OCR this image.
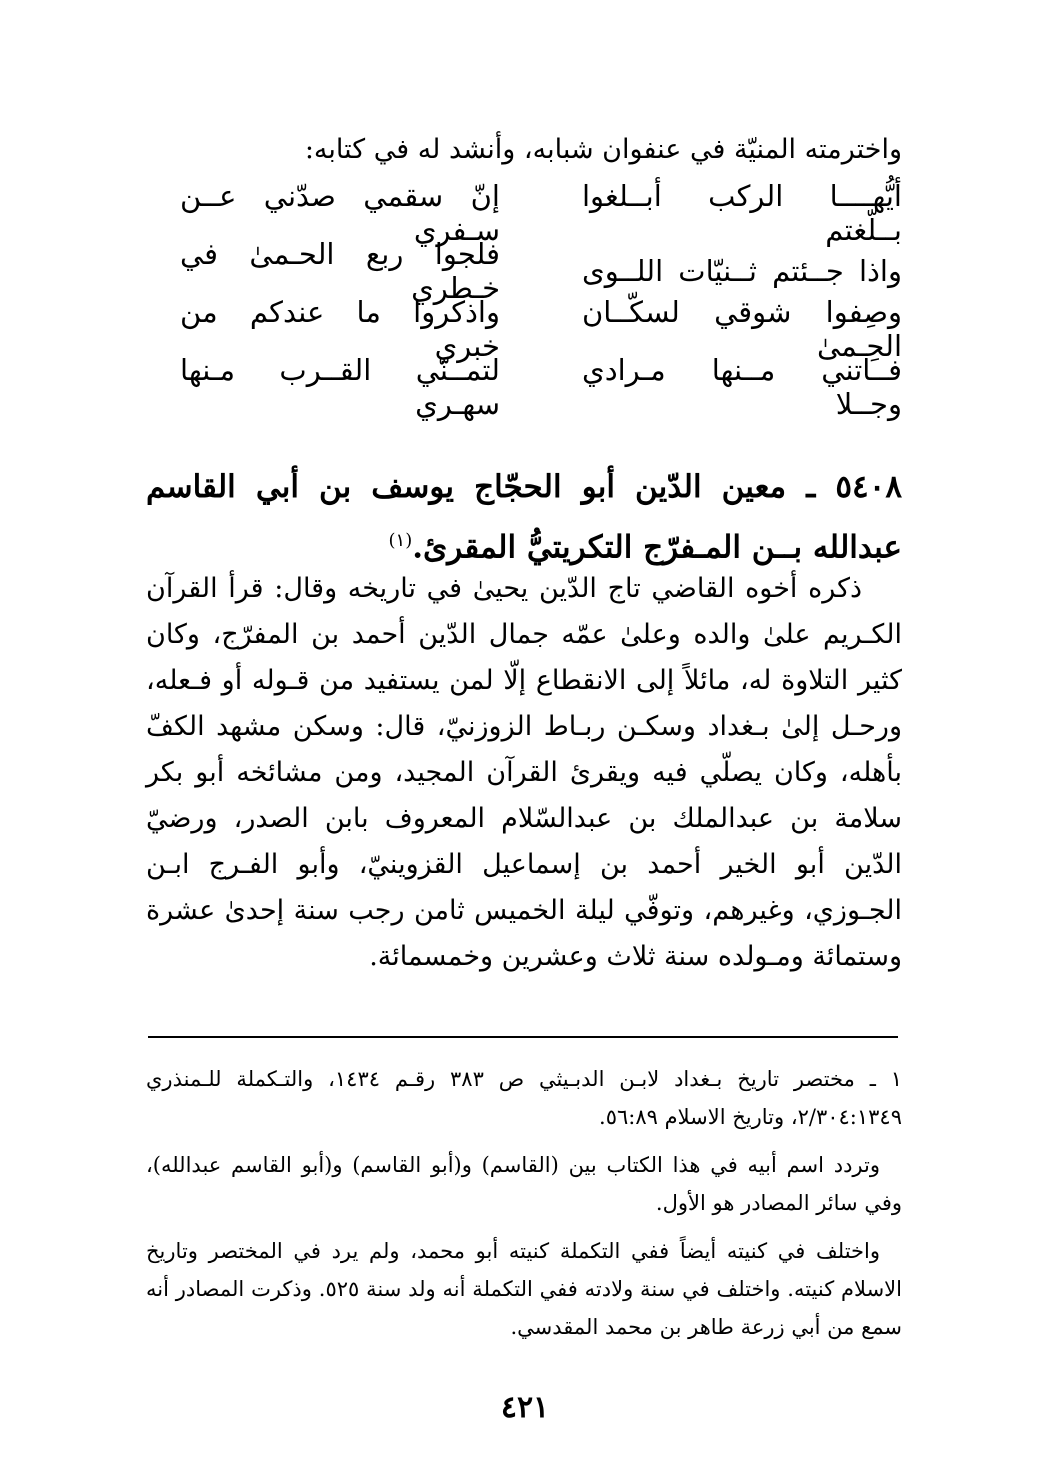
واخترمته المنيّة في عنفوان شبابه، وأنشد له في كتابه:
أيُّهــــا الركب أبــلغوا بــلّغتم
إنّ سقمي صدّني عــن سـفري
واذا جــئتم ثــنيّات اللــوى
فلجوا ربع الحـمىٰ في خـطري
وصِفوا شوقي لسكّــان الحِـمىٰ
واذكروا ما عندكم من خبري
فــاتني مــنها مـرادي وجــلا
لتمــنّي القــرب مـنها سهـري
٥٤٠٨ ـ معين الدّين أبو الحجّاج يوسف بن أبي القاسم عبدالله بــن المـفرّج التكريتيُّ المقرئ.$^{(١)}$

ذكره أخوه القاضي تاج الدّين يحيىٰ في تاريخه وقال: قرأ القرآن الكـريم علىٰ والده وعلىٰ عمّه جمال الدّين أحمد بن المفرّج، وكان كثير التلاوة له، مائلاً إلى الانقطاع إلّا لمن يستفيد من قـوله أو فـعله، ورحـل إلىٰ بـغداد وسكـن ربـاط الزوزنيّ، قال: وسكن مشهد الكفّ بأهله، وكان يصلّي فيه ويقرئ القرآن المجيد، ومن مشائخه أبو بكر سلامة بن عبدالملك بن عبدالسّلام المعروف بابن الصدر، ورضيّ الدّين أبو الخير أحمد بن إسماعيل القزوينيّ، وأبو الفـرج ابـن الجـوزي، وغيرهم، وتوفّي ليلة الخميس ثامن رجب سنة إحدىٰ عشرة وستمائة ومـولده سنة ثلاث وعشرين وخمسمائة.

١ ـ مختصر تاريخ بـغداد لابـن الدبـيثي ص ٣٨٣ رقـم ١٤٣٤، والتـكملة للـمنذري ٢/٣٠٤:١٣٤٩، وتاريخ الاسلام ٥٦:٨٩.

وتردد اسم أبيه في هذا الكتاب بين (القاسم) و(أبو القاسم) و(أبو القاسم عبدالله)، وفي سائر المصادر هو الأول.

واختلف في كنيته أيضاً ففي التكملة كنيته أبو محمد، ولم يرد في المختصر وتاريخ الاسلام كنيته. واختلف في سنة ولادته ففي التكملة أنه ولد سنة ٥٢٥. وذكرت المصادر أنه سمع من أبي زرعة طاهر بن محمد المقدسي.

٤٢١
